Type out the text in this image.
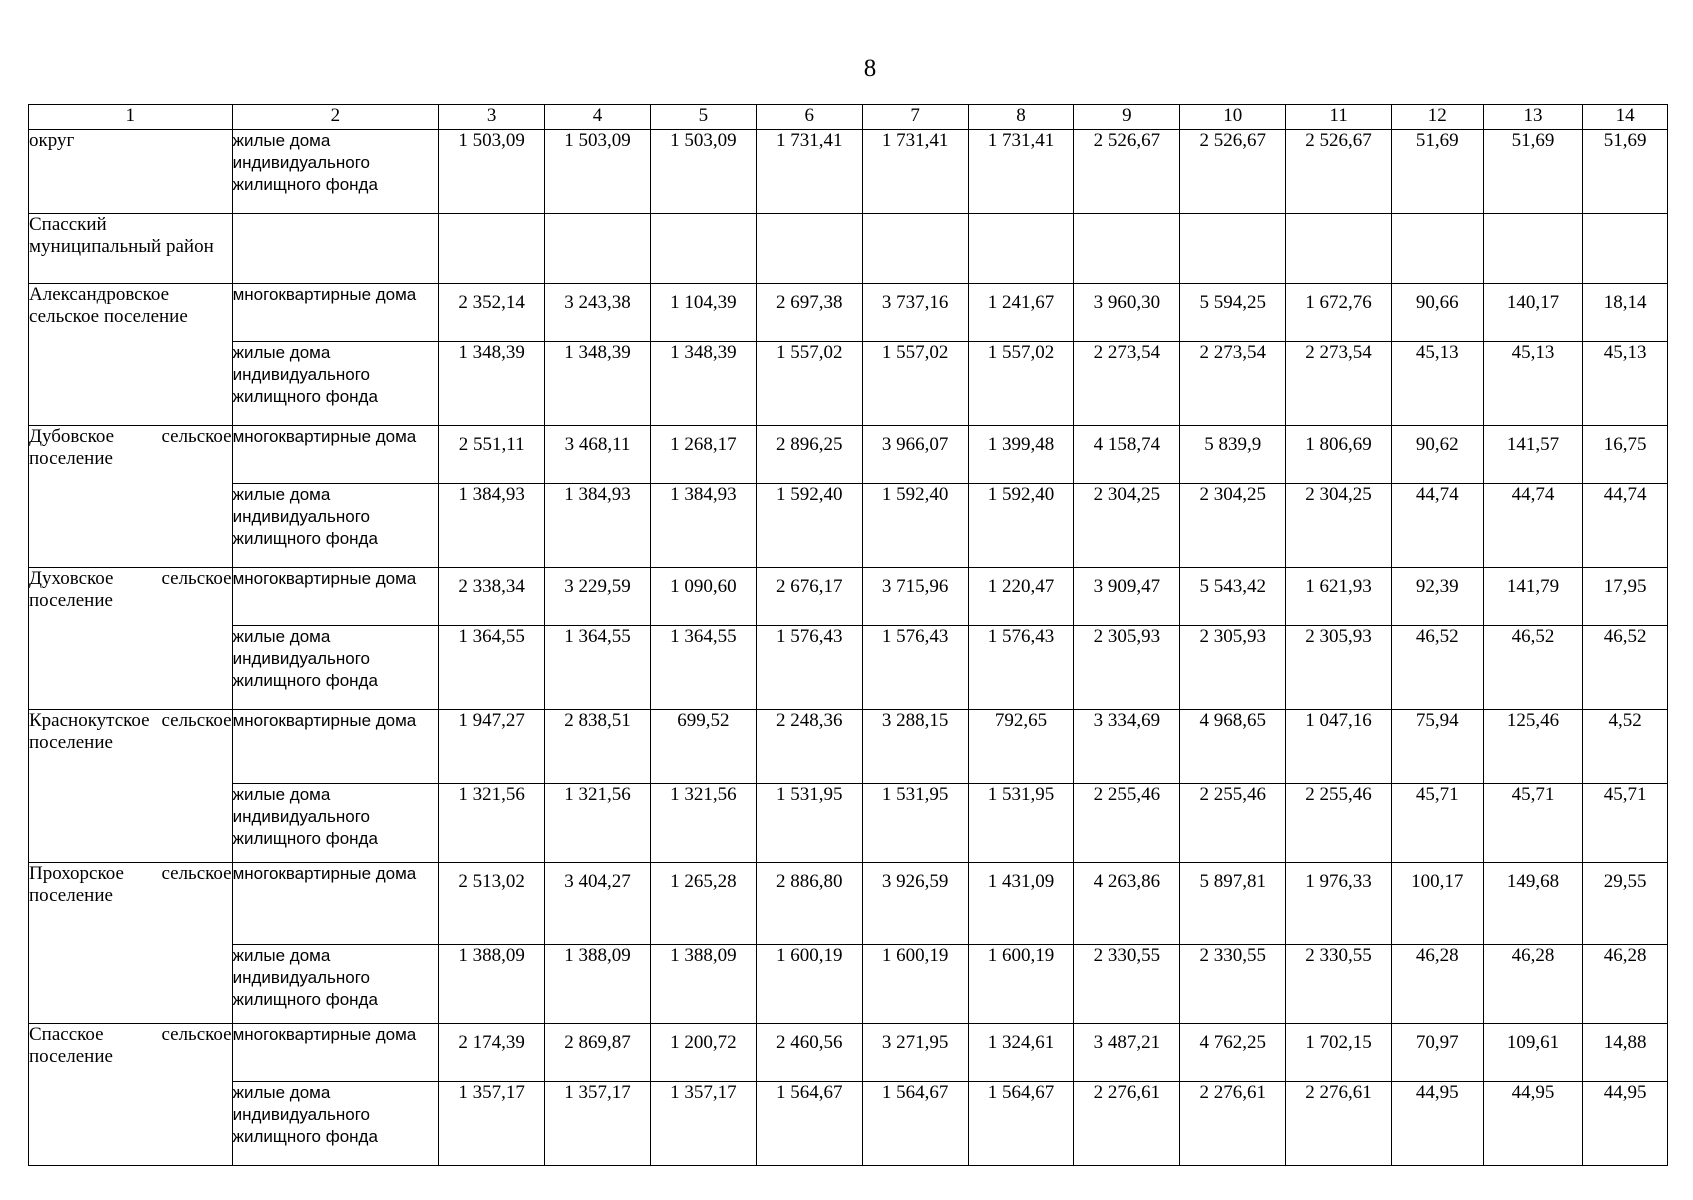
8
1	2	3	4	5	6	7	8	9	10	11	12	13	14
округ	жилые дома индивидуального жилищного фонда	1 503,09	1 503,09	1 503,09	1 731,41	1 731,41	1 731,41	2 526,67	2 526,67	2 526,67	51,69	51,69	51,69
Спасский муниципальный район													
Александровское сельское поселение	многоквартирные дома	2 352,14	3 243,38	1 104,39	2 697,38	3 737,16	1 241,67	3 960,30	5 594,25	1 672,76	90,66	140,17	18,14
	жилые дома индивидуального жилищного фонда	1 348,39	1 348,39	1 348,39	1 557,02	1 557,02	1 557,02	2 273,54	2 273,54	2 273,54	45,13	45,13	45,13
Дубовское сельское поселение	многоквартирные дома	2 551,11	3 468,11	1 268,17	2 896,25	3 966,07	1 399,48	4 158,74	5 839,9	1 806,69	90,62	141,57	16,75
	жилые дома индивидуального жилищного фонда	1 384,93	1 384,93	1 384,93	1 592,40	1 592,40	1 592,40	2 304,25	2 304,25	2 304,25	44,74	44,74	44,74
Духовское сельское поселение	многоквартирные дома	2 338,34	3 229,59	1 090,60	2 676,17	3 715,96	1 220,47	3 909,47	5 543,42	1 621,93	92,39	141,79	17,95
	жилые дома индивидуального жилищного фонда	1 364,55	1 364,55	1 364,55	1 576,43	1 576,43	1 576,43	2 305,93	2 305,93	2 305,93	46,52	46,52	46,52
Краснокутское сельское поселение	многоквартирные дома	1 947,27	2 838,51	699,52	2 248,36	3 288,15	792,65	3 334,69	4 968,65	1 047,16	75,94	125,46	4,52
	жилые дома индивидуального жилищного фонда	1 321,56	1 321,56	1 321,56	1 531,95	1 531,95	1 531,95	2 255,46	2 255,46	2 255,46	45,71	45,71	45,71
Прохорское сельское поселение	многоквартирные дома	2 513,02	3 404,27	1 265,28	2 886,80	3 926,59	1 431,09	4 263,86	5 897,81	1 976,33	100,17	149,68	29,55
	жилые дома индивидуального жилищного фонда	1 388,09	1 388,09	1 388,09	1 600,19	1 600,19	1 600,19	2 330,55	2 330,55	2 330,55	46,28	46,28	46,28
Спасское сельское поселение	многоквартирные дома	2 174,39	2 869,87	1 200,72	2 460,56	3 271,95	1 324,61	3 487,21	4 762,25	1 702,15	70,97	109,61	14,88
	жилые дома индивидуального жилищного фонда	1 357,17	1 357,17	1 357,17	1 564,67	1 564,67	1 564,67	2 276,61	2 276,61	2 276,61	44,95	44,95	44,95
